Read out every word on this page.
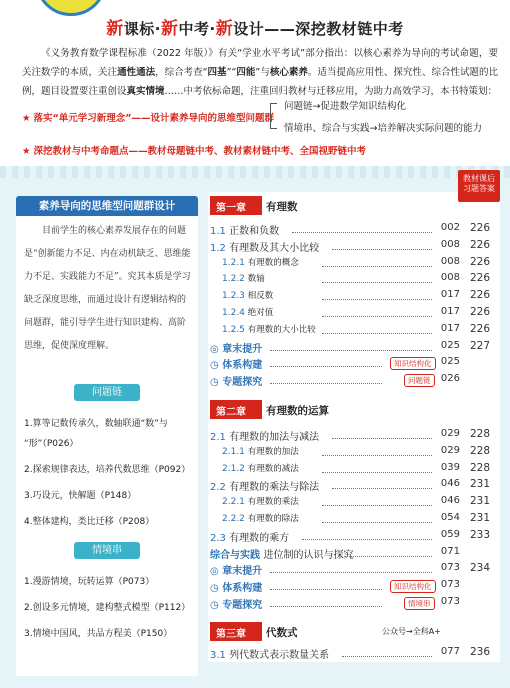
新课标·新中考·新设计——深挖教材链中考
《义务教育数学课程标准（2022 年版）》有关“学业水平考试”部分指出：以核心素养为导向的考试命题，要关注数学的本质，关注通性通法，综合考查“四基”“四能”与核心素养。适当提高应用性、探究性、综合性试题的比例，题目设置要注重创设真实情境……中考依标命题，注重回归教材与迁移应用，为助力高效学习，本书特策划：
★ 落实“单元学习新理念”——设计素养导向的思维型问题群
问题链→促进数学知识结构化
情境串、综合与实践→培养解决实际问题的能力
★ 深挖教材与中考命题点——教材母题链中考、教材素材链中考、全国视野链中考
素养导向的思维型问题群设计
目前学生的核心素养发展存在的问题是“创新能力不足、内在动机缺乏、思维能力不足、实践能力不足”。究其本质是学习缺乏深度思维，而通过设计有逻辑结构的问题群，能引导学生进行知识建构、高阶思维，促使深度理解。
问题链
1.算等记数传承久，数轴联通“数”与
“形”（P026）
2.探索规律表达，培养代数思维（P092）
3.巧设元，快解题（P148）
4.整体建构，类比迁移（P208）
情境串
1.漫游情境，玩转运算（P073）
2.创设多元情境，建构整式模型（P112）
3.情境中国风，共品方程美（P150）
教材课后
习题答案
第一章 有理数
1.1 正数和负数	002 226
1.2 有理数及其大小比较	008 226
1.2.1 有理数的概念	008 226
1.2.2 数轴	008 226
1.2.3 相反数	017 226
1.2.4 绝对值	017 226
1.2.5 有理数的大小比较	017 226
◎ 章末提升	025 227
◷ 体系构建	知识结构化 025
◷ 专题探究	问题链	026
第二章 有理数的运算
2.1 有理数的加法与减法	029 228
2.1.1 有理数的加法	029 228
2.1.2 有理数的减法	039 228
2.2 有理数的乘法与除法	046 231
2.2.1 有理数的乘法	046 231
2.2.2 有理数的除法	054 231
2.3 有理数的乘方	059 233
综合与实践 进位制的认识与探究	071
◎ 章末提升	073 234
◷ 体系构建	知识结构化 073
◷ 专题探究	情境串	073
第三章 代数式	公众号→全科A+
3.1 列代数式表示数量关系	077 236
